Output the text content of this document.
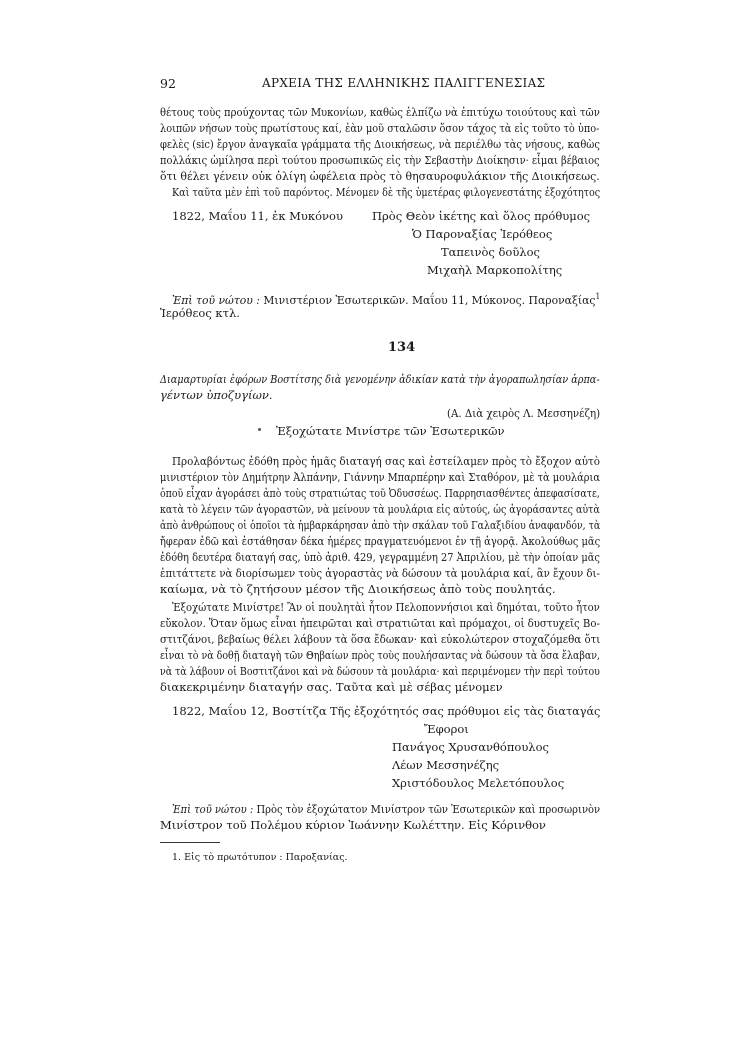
92	ΑΡΧΕΙΑ ΤΗΣ ΕΛΛΗΝΙΚΗΣ ΠΑΛΙΓΓΕΝΕΣΙΑΣ
θέτους τοὺς προύχοντας τῶν Μυκονίων, καθὼς ἐλπίζω νὰ ἐπιτύχω τοιούτους καὶ τῶν
λοιπῶν νήσων τοὺς πρωτίστους καί, ἐὰν μοῦ σταλῶσιν ὅσον τάχος τὰ εἰς τοῦτο τὸ ὑπο-
φελὲς (sic) ἔργον ἀναγκαῖα γράμματα τῆς Διοικήσεως, νὰ περιέλθω τὰς νήσους, καθὼς
πολλάκις ὡμίλησα περὶ τούτου προσωπικῶς εἰς τὴν Σεβαστὴν Διοίκησιν· εἶμαι βέβαιος
ὅτι θέλει γένειν οὐκ ὀλίγη ὠφέλεια πρὸς τὸ θησαυροφυλάκιον τῆς Διοικήσεως.
Καὶ ταῦτα μὲν ἐπὶ τοῦ παρόντος. Μένομεν δὲ τῆς ὑμετέρας φιλογενεστάτης ἐξοχότητος
1822, Μαΐου 11, ἐκ Μυκόνου	Πρὸς Θεὸν ἱκέτης καὶ ὅλος πρόθυμος
Ὁ Παροναξίας Ἱερόθεος
Ταπεινὸς δοῦλος
Μιχαὴλ Μαρκοπολίτης
Ἐπὶ τοῦ νώτου : Μινιστέριον Ἐσωτερικῶν. Μαΐου 11, Μύκονος. Παροναξίας$^1$
Ἱερόθεος κτλ.
134
Διαμαρτυρίαι ἐφόρων Βοστίτσης διὰ γενομένην ἀδικίαν κατὰ τὴν ἀγοραπωλησίαν ἁρπα-
γέντων ὑποζυγίων.
(Α. Διὰ χειρὸς Λ. Μεσσηνέζη)
Ἐξοχώτατε Μινίστρε τῶν Ἐσωτερικῶν
Προλαβόντως ἐδόθη πρὸς ἡμᾶς διαταγή σας καὶ ἐστείλαμεν πρὸς τὸ ἔξοχον αὐτὸ
μινιστέριον τὸν Δημήτρην Ἀλπάνην, Γιάννην Μπαρπέρην καὶ Σταθόρον, μὲ τὰ μουλάρια
ὁποῦ εἶχαν ἀγοράσει ἀπὸ τοὺς στρατιώτας τοῦ Ὀδυσσέως. Παρρησιασθέντες ἀπεφασίσατε,
κατὰ τὸ λέγειν τῶν ἀγοραστῶν, νὰ μείνουν τὰ μουλάρια εἰς αὐτούς, ὡς ἀγοράσαντες αὐτὰ
ἀπὸ ἀνθρώπους οἱ ὁποῖοι τὰ ἡμβαρκάρησαν ἀπὸ τὴν σκάλαν τοῦ Γαλαξιδίου ἀναφανδόν, τὰ
ἤφεραν ἐδῶ καὶ ἐστάθησαν δέκα ἡμέρες πραγματευόμενοι ἐν τῇ ἀγορᾷ. Ἀκολούθως μᾶς
ἐδόθη δευτέρα διαταγή σας, ὑπὸ ἀριθ. 429, γεγραμμένη 27 Ἀπριλίου, μὲ τὴν ὁποίαν μᾶς
ἐπιτάττετε νὰ διορίσωμεν τοὺς ἀγοραστὰς νὰ δώσουν τὰ μουλάρια καί, ἂν ἔχουν δι-
καίωμα, νὰ τὸ ζητήσουν μέσον τῆς Διοικήσεως ἀπὸ τοὺς πουλητάς.
Ἐξοχώτατε Μινίστρε! Ἂν οἱ πουλητὰὶ ἦτον Πελοποννήσιοι καὶ δημόται, τοῦτο ἦτον
εὔκολον. Ὅταν ὅμως εἶναι ἠπειρῶται καὶ στρατιῶται καὶ πρόμαχοι, οἱ δυστυχεῖς Βο-
στιτζάνοι, βεβαίως θέλει λάβουν τὰ ὅσα ἔδωκαν· καὶ εὐκολώτερον στοχαζόμεθα ὅτι
εἶναι τὸ νὰ δοθῇ διαταγὴ τῶν Θηβαίων πρὸς τοὺς πουλήσαντας νὰ δώσουν τὰ ὅσα ἔλαβαν,
νὰ τὰ λάβουν οἱ Βοστιτζάνοι καὶ νὰ δώσουν τὰ μουλάρια· καὶ περιμένομεν τὴν περὶ τούτου
διακεκριμένην διαταγήν σας. Ταῦτα καὶ μὲ σέβας μένομεν
1822, Μαΐου 12, Βοστίτζα Τῆς ἐξοχότητός σας πρόθυμοι εἰς τὰς διαταγάς
Ἔφοροι
Πανάγος Χρυσανθόπουλος
Λέων Μεσσηνέζης
Χριστόδουλος Μελετόπουλος
Ἐπὶ τοῦ νώτου : Πρὸς τὸν ἐξοχώτατον Μινίστρον τῶν Ἐσωτερικῶν καὶ προσωρινὸν
Μινίστρον τοῦ Πολέμου κύριον Ἰωάννην Κωλέττην. Εἰς Κόρινθον
1. Εἰς τὸ πρωτότυπον : Παροξανίας.
